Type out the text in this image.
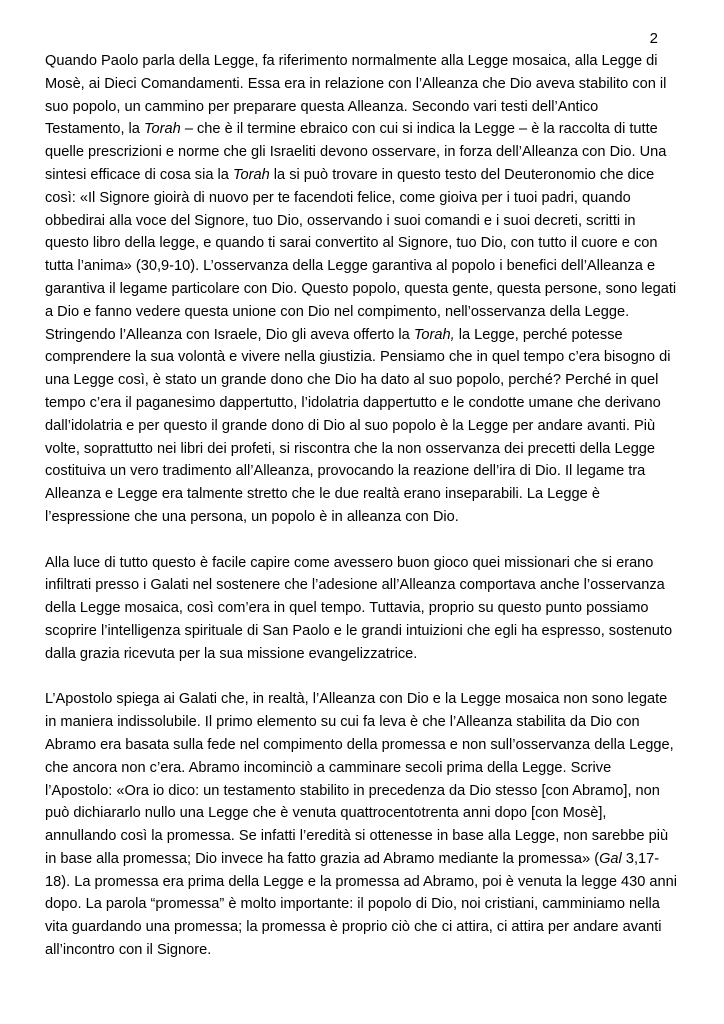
2
Quando Paolo parla della Legge, fa riferimento normalmente alla Legge mosaica, alla Legge di
Mosè, ai Dieci Comandamenti. Essa era in relazione con l’Alleanza che Dio aveva stabilito con il
suo popolo, un cammino per preparare questa Alleanza. Secondo vari testi dell’Antico
Testamento, la Torah – che è il termine ebraico con cui si indica la Legge – è la raccolta di tutte
quelle prescrizioni e norme che gli Israeliti devono osservare, in forza dell’Alleanza con Dio. Una
sintesi efficace di cosa sia la Torah la si può trovare in questo testo del Deuteronomio che dice
così: «Il Signore gioirà di nuovo per te facendoti felice, come gioiva per i tuoi padri, quando
obbedirai alla voce del Signore, tuo Dio, osservando i suoi comandi e i suoi decreti, scritti in
questo libro della legge, e quando ti sarai convertito al Signore, tuo Dio, con tutto il cuore e con
tutta l’anima» (30,9-10). L’osservanza della Legge garantiva al popolo i benefici dell’Alleanza e
garantiva il legame particolare con Dio. Questo popolo, questa gente, questa persone, sono legati
a Dio e fanno vedere questa unione con Dio nel compimento, nell’osservanza della Legge.
Stringendo l’Alleanza con Israele, Dio gli aveva offerto la Torah, la Legge, perché potesse
comprendere la sua volontà e vivere nella giustizia. Pensiamo che in quel tempo c’era bisogno di
una Legge così, è stato un grande dono che Dio ha dato al suo popolo, perché? Perché in quel
tempo c’era il paganesimo dappertutto, l’idolatria dappertutto e le condotte umane che derivano
dall’idolatria e per questo il grande dono di Dio al suo popolo è la Legge per andare avanti. Più
volte, soprattutto nei libri dei profeti, si riscontra che la non osservanza dei precetti della Legge
costituiva un vero tradimento all’Alleanza, provocando la reazione dell’ira di Dio. Il legame tra
Alleanza e Legge era talmente stretto che le due realtà erano inseparabili. La Legge è
l’espressione che una persona, un popolo è in alleanza con Dio.
Alla luce di tutto questo è facile capire come avessero buon gioco quei missionari che si erano
infiltrati presso i Galati nel sostenere che l’adesione all’Alleanza comportava anche l’osservanza
della Legge mosaica, così com’era in quel tempo. Tuttavia, proprio su questo punto possiamo
scoprire l’intelligenza spirituale di San Paolo e le grandi intuizioni che egli ha espresso, sostenuto
dalla grazia ricevuta per la sua missione evangelizzatrice.
L’Apostolo spiega ai Galati che, in realtà, l’Alleanza con Dio e la Legge mosaica non sono legate
in maniera indissolubile. Il primo elemento su cui fa leva è che l’Alleanza stabilita da Dio con
Abramo era basata sulla fede nel compimento della promessa e non sull’osservanza della Legge,
che ancora non c’era. Abramo incominciò a camminare secoli prima della Legge. Scrive
l’Apostolo: «Ora io dico: un testamento stabilito in precedenza da Dio stesso [con Abramo], non
può dichiararlo nullo una Legge che è venuta quattrocentotrenta anni dopo [con Mosè],
annullando così la promessa. Se infatti l’eredità si ottenesse in base alla Legge, non sarebbe più
in base alla promessa; Dio invece ha fatto grazia ad Abramo mediante la promessa» (Gal 3,17-
18). La promessa era prima della Legge e la promessa ad Abramo, poi è venuta la legge 430 anni
dopo. La parola “promessa” è molto importante: il popolo di Dio, noi cristiani, camminiamo nella
vita guardando una promessa; la promessa è proprio ciò che ci attira, ci attira per andare avanti
all’incontro con il Signore.
